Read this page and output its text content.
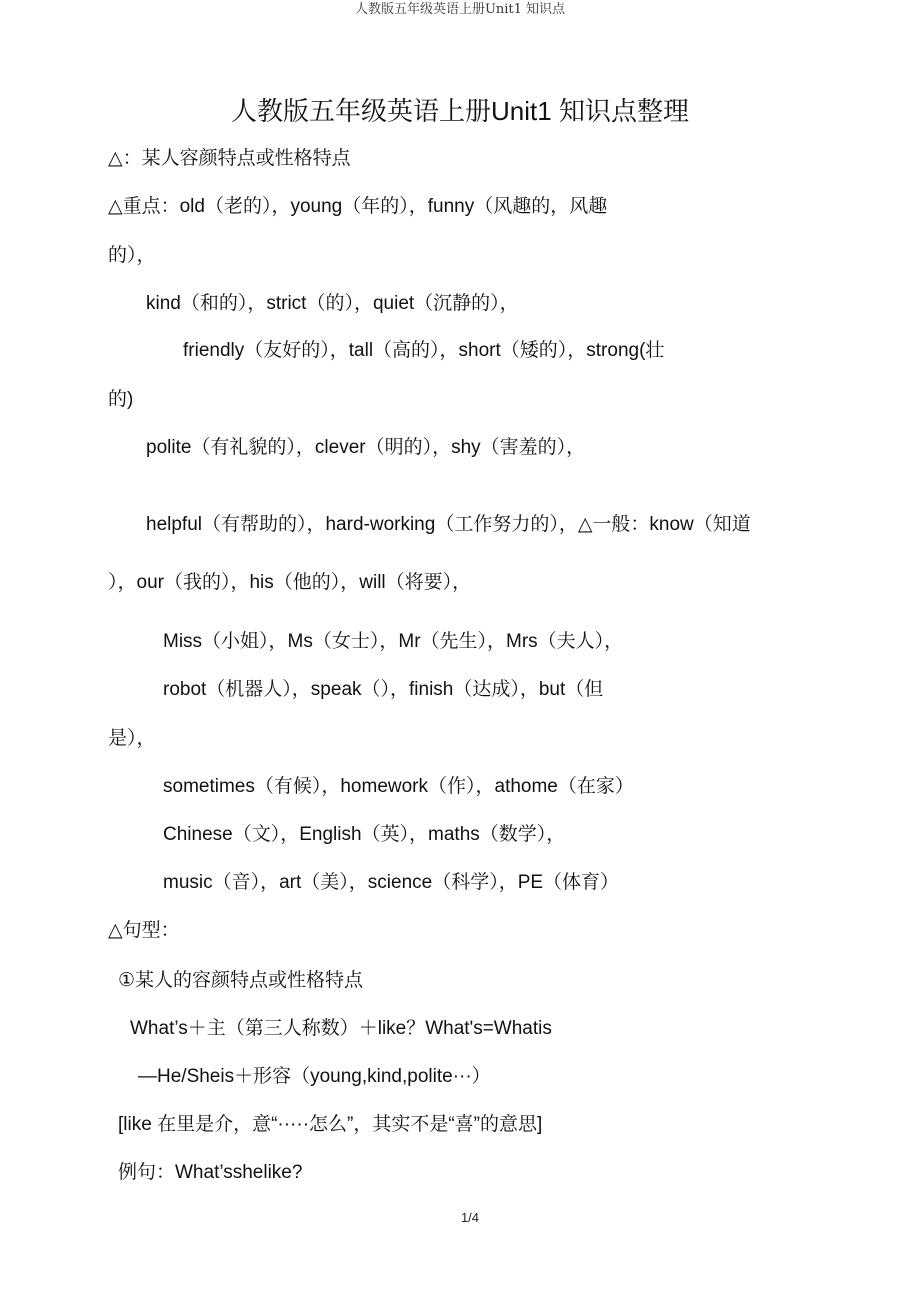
人教版五年级英语上册Unit1 知识点
人教版五年级英语上册Unit1 知识点整理
△：某人容颜特点或性格特点
△重点：old（老的），young（年的），funny（风趣的，风趣
的），
kind（和的），strict（的），quiet（沉静的），
friendly（友好的），tall（高的），short（矮的），strong(壮
的)
polite（有礼貌的），clever（明的），shy（害羞的），
helpful（有帮助的），hard-working（工作努力的），△一般：know（知道
），our（我的），his（他的），will（将要），
Miss（小姐），Ms（女士），Mr（先生），Mrs（夫人），
robot（机器人），speak（），finish（达成），but（但
是），
sometimes（有候），homework（作），athome（在家）
Chinese（文），English（英），maths（数学），
music（音），art（美），science（科学），PE（体育）
△句型：
①某人的容颜特点或性格特点
What’s＋主（第三人称数）＋like？What's=Whatis
—He/Sheis＋形容（young,kind,polite···）
[like 在里是介，意“·····怎么”，其实不是“喜”的意思]
例句：What’sshelike?
1/4
